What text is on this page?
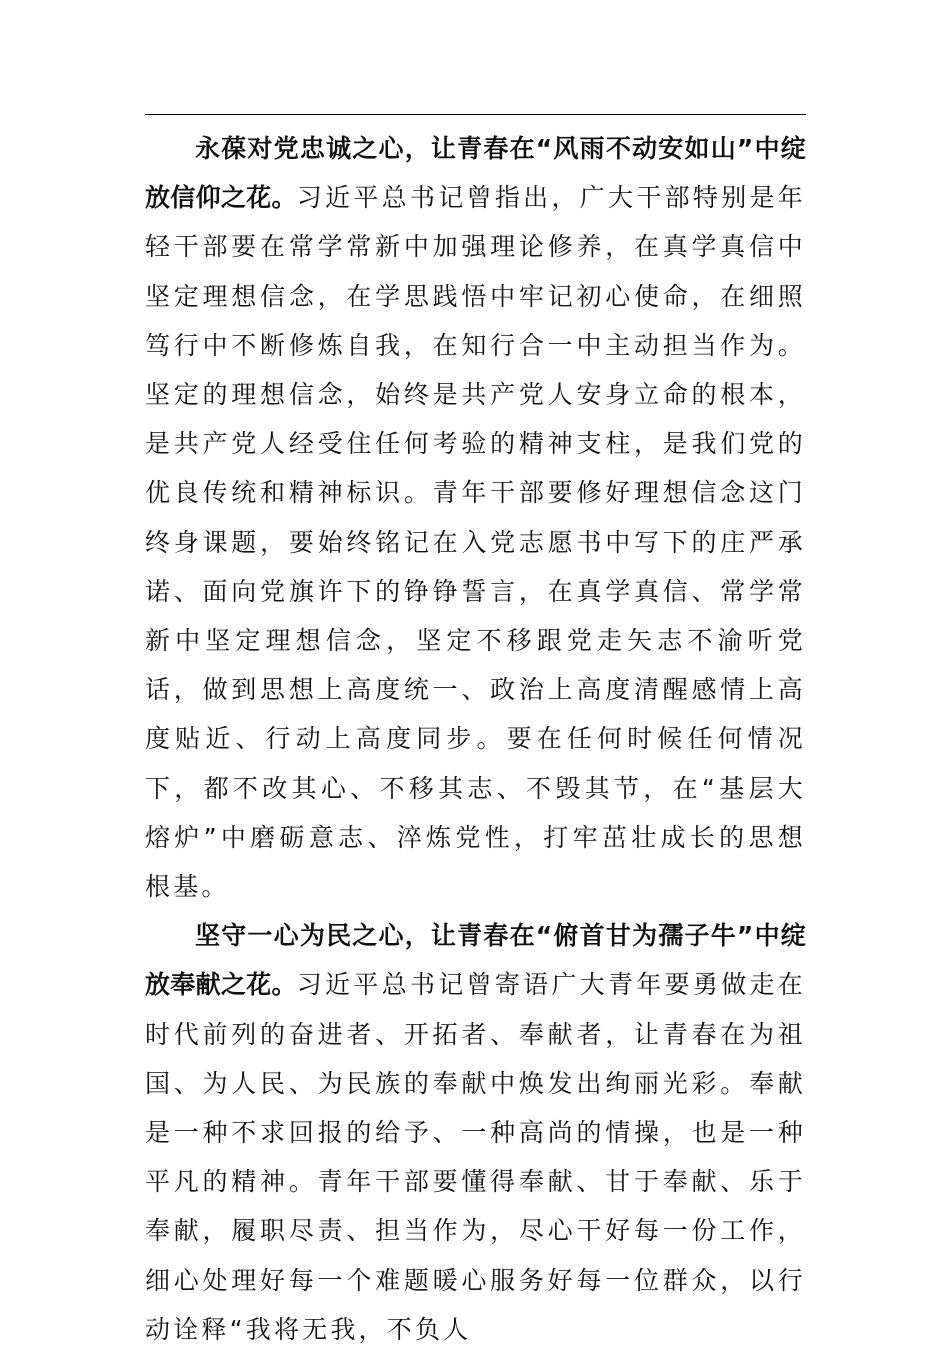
永葆对党忠诚之心，让青春在“风雨不动安如山”中绽放信仰之花。习近平总书记曾指出，广大干部特别是年轻干部要在常学常新中加强理论修养，在真学真信中坚定理想信念，在学思践悟中牢记初心使命，在细照笃行中不断修炼自我，在知行合一中主动担当作为。坚定的理想信念，始终是共产党人安身立命的根本，是共产党人经受住任何考验的精神支柱，是我们党的优良传统和精神标识。青年干部要修好理想信念这门终身课题，要始终铭记在入党志愿书中写下的庄严承诺、面向党旗许下的铮铮誓言，在真学真信、常学常新中坚定理想信念，坚定不移跟党走矢志不渝听党话，做到思想上高度统一、政治上高度清醒感情上高度贴近、行动上高度同步。要在任何时候任何情况下，都不改其心、不移其志、不毁其节，在“基层大熔炉”中磨砺意志、淬炼党性，打牢茁壮成长的思想根基。

坚守一心为民之心，让青春在“俯首甘为孺子牛”中绽放奉献之花。习近平总书记曾寄语广大青年要勇做走在时代前列的奋进者、开拓者、奉献者，让青春在为祖国、为人民、为民族的奉献中焕发出绚丽光彩。奉献是一种不求回报的给予、一种高尚的情操，也是一种平凡的精神。青年干部要懂得奉献、甘于奉献、乐于奉献，履职尽责、担当作为，尽心干好每一份工作，细心处理好每一个难题暖心服务好每一位群众，以行动诠释“我将无我，不负人
